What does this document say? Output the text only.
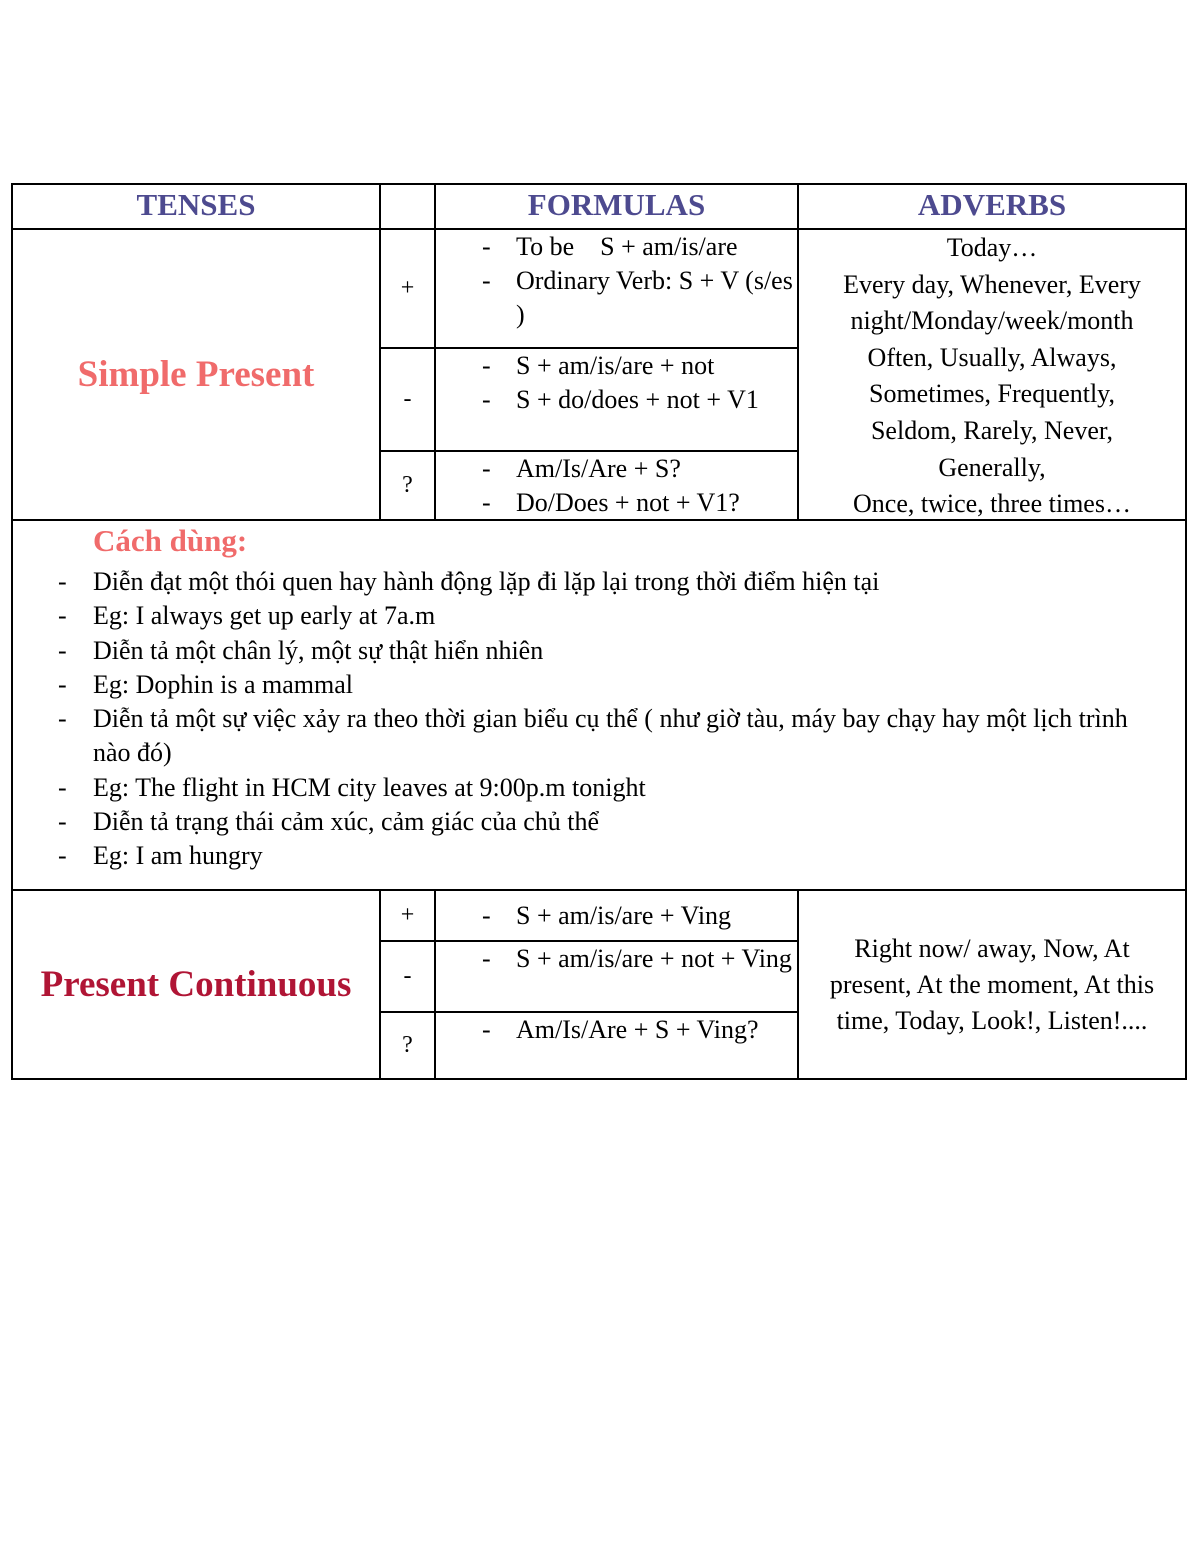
TENSES	FORMULAS	ADVERBS
Simple Present
+
-
?
- To be    S + am/is/are
- Ordinary Verb: S + V (s/es )
- S + am/is/are + not
- S + do/does + not + V1
- Am/Is/Are + S?
- Do/Does + not + V1?
Today…
Every day, Whenever, Every
night/Monday/week/month
Often, Usually, Always,
Sometimes, Frequently,
Seldom, Rarely, Never,
Generally,
Once, twice, three times…
Cách dùng:
- Diễn đạt một thói quen hay hành động lặp đi lặp lại trong thời điểm hiện tại
- Eg: I always get up early at 7a.m
- Diễn tả một chân lý, một sự thật hiển nhiên
- Eg: Dophin is a mammal
- Diễn tả một sự việc xảy ra theo thời gian biểu cụ thể ( như giờ tàu, máy bay chạy hay một lịch trình nào đó)
- Eg: The flight in HCM city leaves at 9:00p.m tonight
- Diễn tả trạng thái cảm xúc, cảm giác của chủ thể
- Eg: I am hungry
Present Continuous
+
-
?
- S + am/is/are + Ving
- S + am/is/are + not + Ving
- Am/Is/Are + S + Ving?
Right now/ away, Now, At present, At the moment, At this time, Today, Look!, Listen!....
